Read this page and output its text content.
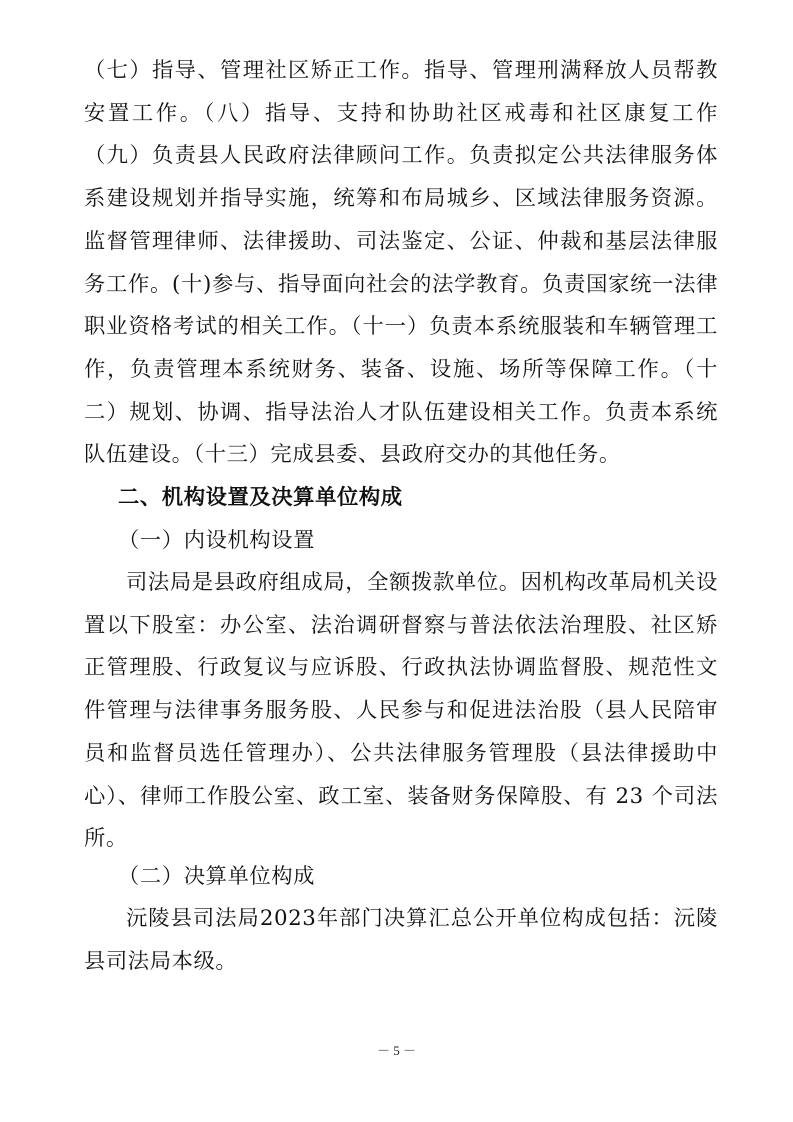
（七）指导、管理社区矫正工作。指导、管理刑满释放人员帮教安置工作。（八）指导、支持和协助社区戒毒和社区康复工作（九）负责县人民政府法律顾问工作。负责拟定公共法律服务体系建设规划并指导实施，统筹和布局城乡、区域法律服务资源。监督管理律师、法律援助、司法鉴定、公证、仲裁和基层法律服务工作。(十)参与、指导面向社会的法学教育。负责国家统一法律职业资格考试的相关工作。（十一）负责本系统服装和车辆管理工作，负责管理本系统财务、装备、设施、场所等保障工作。（十二）规划、协调、指导法治人才队伍建设相关工作。负责本系统队伍建设。（十三）完成县委、县政府交办的其他任务。

二、机构设置及决算单位构成

（一）内设机构设置

司法局是县政府组成局，全额拨款单位。因机构改革局机关设置以下股室：办公室、法治调研督察与普法依法治理股、社区矫正管理股、行政复议与应诉股、行政执法协调监督股、规范性文件管理与法律事务服务股、人民参与和促进法治股（县人民陪审员和监督员选任管理办）、公共法律服务管理股（县法律援助中心）、律师工作股公室、政工室、装备财务保障股、有 23 个司法所。

（二）决算单位构成

沅陵县司法局2023年部门决算汇总公开单位构成包括：沅陵县司法局本级。

－ 5 －
